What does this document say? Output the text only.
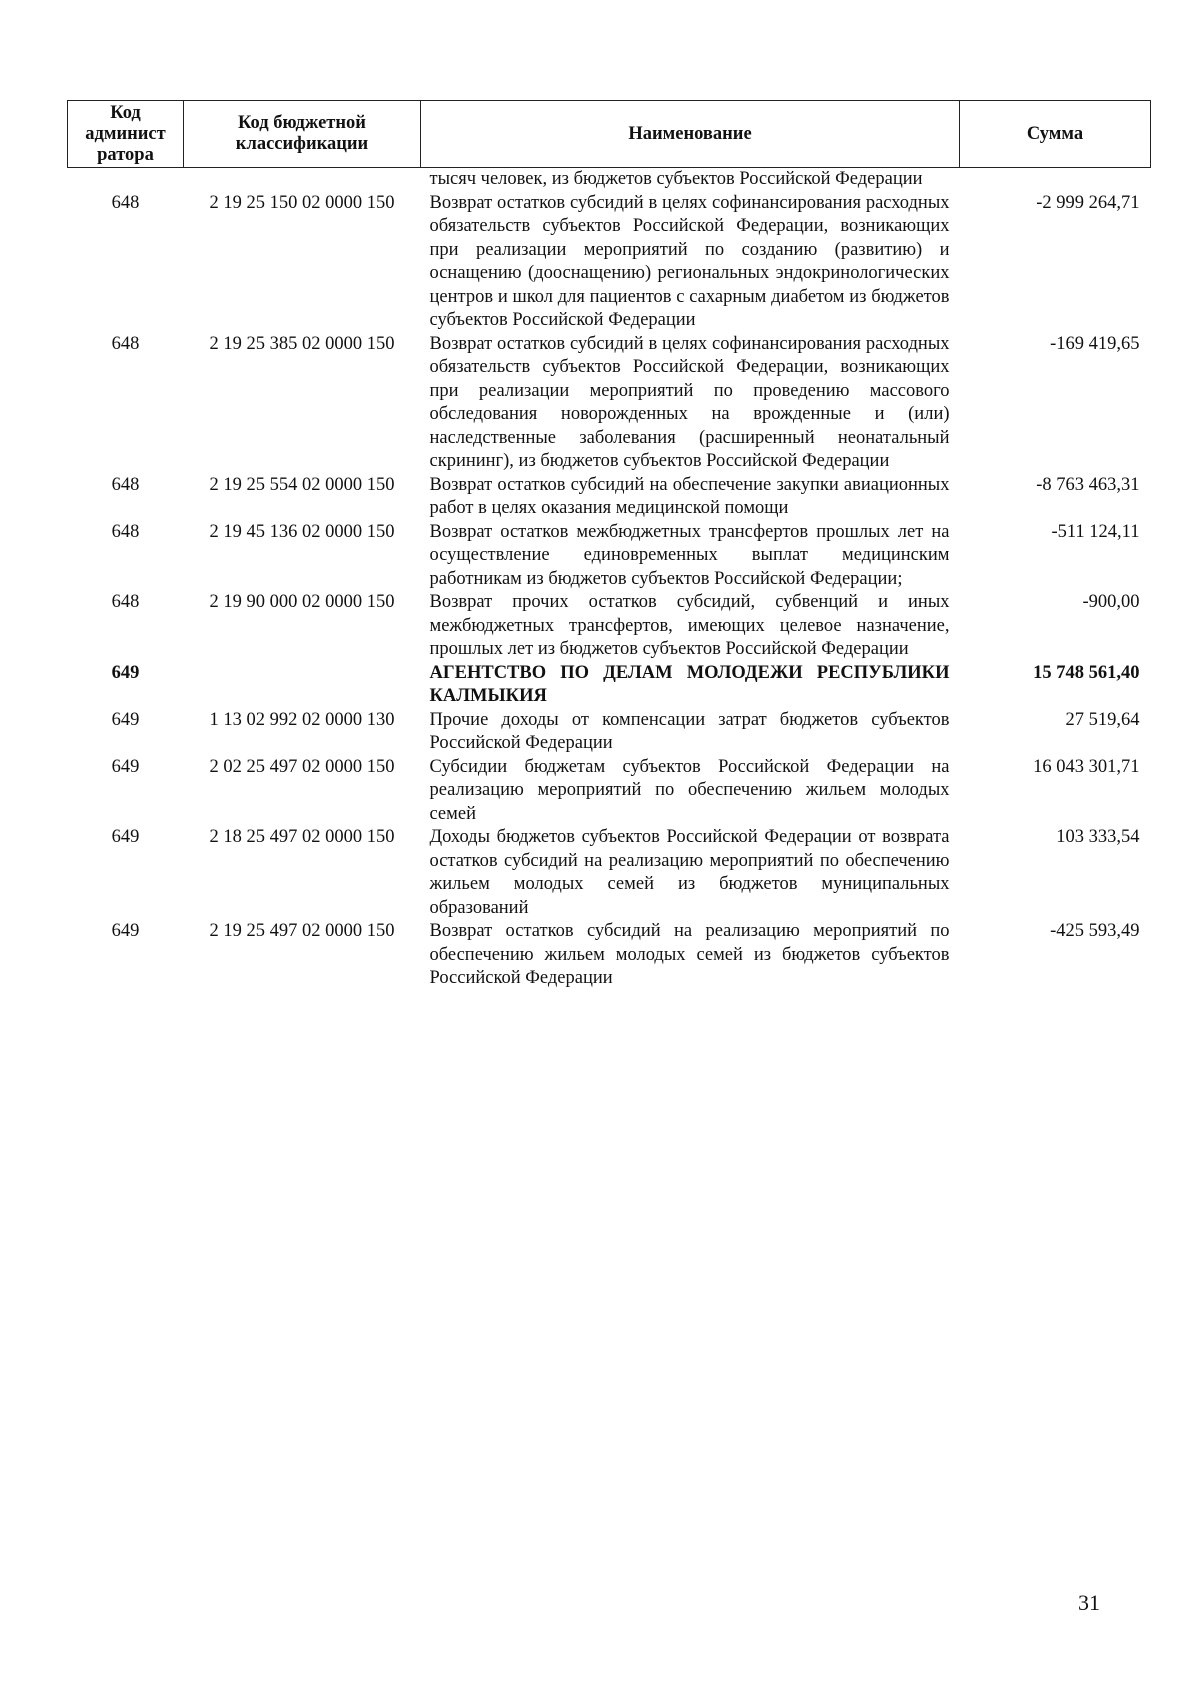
Код админист ратора	Код бюджетной классификации	Наименование	Сумма
		тысяч человек, из бюджетов субъектов Российской Федерации	
648	2 19 25 150 02 0000 150	Возврат остатков субсидий в целях софинансирования расходных обязательств субъектов Российской Федерации, возникающих при реализации мероприятий по созданию (развитию) и оснащению (дооснащению) региональных эндокринологических центров и школ для пациентов с сахарным диабетом из бюджетов субъектов Российской Федерации	-2 999 264,71
648	2 19 25 385 02 0000 150	Возврат остатков субсидий в целях софинансирования расходных обязательств субъектов Российской Федерации, возникающих при реализации мероприятий по проведению массового обследования новорожденных на врожденные и (или) наследственные заболевания (расширенный неонатальный скрининг), из бюджетов субъектов Российской Федерации	-169 419,65
648	2 19 25 554 02 0000 150	Возврат остатков субсидий на обеспечение закупки авиационных работ в целях оказания медицинской помощи	-8 763 463,31
648	2 19 45 136 02 0000 150	Возврат остатков межбюджетных трансфертов прошлых лет на осуществление единовременных выплат медицинским работникам из бюджетов субъектов Российской Федерации;	-511 124,11
648	2 19 90 000 02 0000 150	Возврат прочих остатков субсидий, субвенций и иных межбюджетных трансфертов, имеющих целевое назначение, прошлых лет из бюджетов субъектов Российской Федерации	-900,00
649		АГЕНТСТВО ПО ДЕЛАМ МОЛОДЕЖИ РЕСПУБЛИКИ КАЛМЫКИЯ	15 748 561,40
649	1 13 02 992 02 0000 130	Прочие доходы от компенсации затрат бюджетов субъектов Российской Федерации	27 519,64
649	2 02 25 497 02 0000 150	Субсидии бюджетам субъектов Российской Федерации на реализацию мероприятий по обеспечению жильем молодых семей	16 043 301,71
649	2 18 25 497 02 0000 150	Доходы бюджетов субъектов Российской Федерации от возврата остатков субсидий на реализацию мероприятий по обеспечению жильем молодых семей из бюджетов муниципальных образований	103 333,54
649	2 19 25 497 02 0000 150	Возврат остатков субсидий на реализацию мероприятий по обеспечению жильем молодых семей из бюджетов субъектов Российской Федерации	-425 593,49
31
